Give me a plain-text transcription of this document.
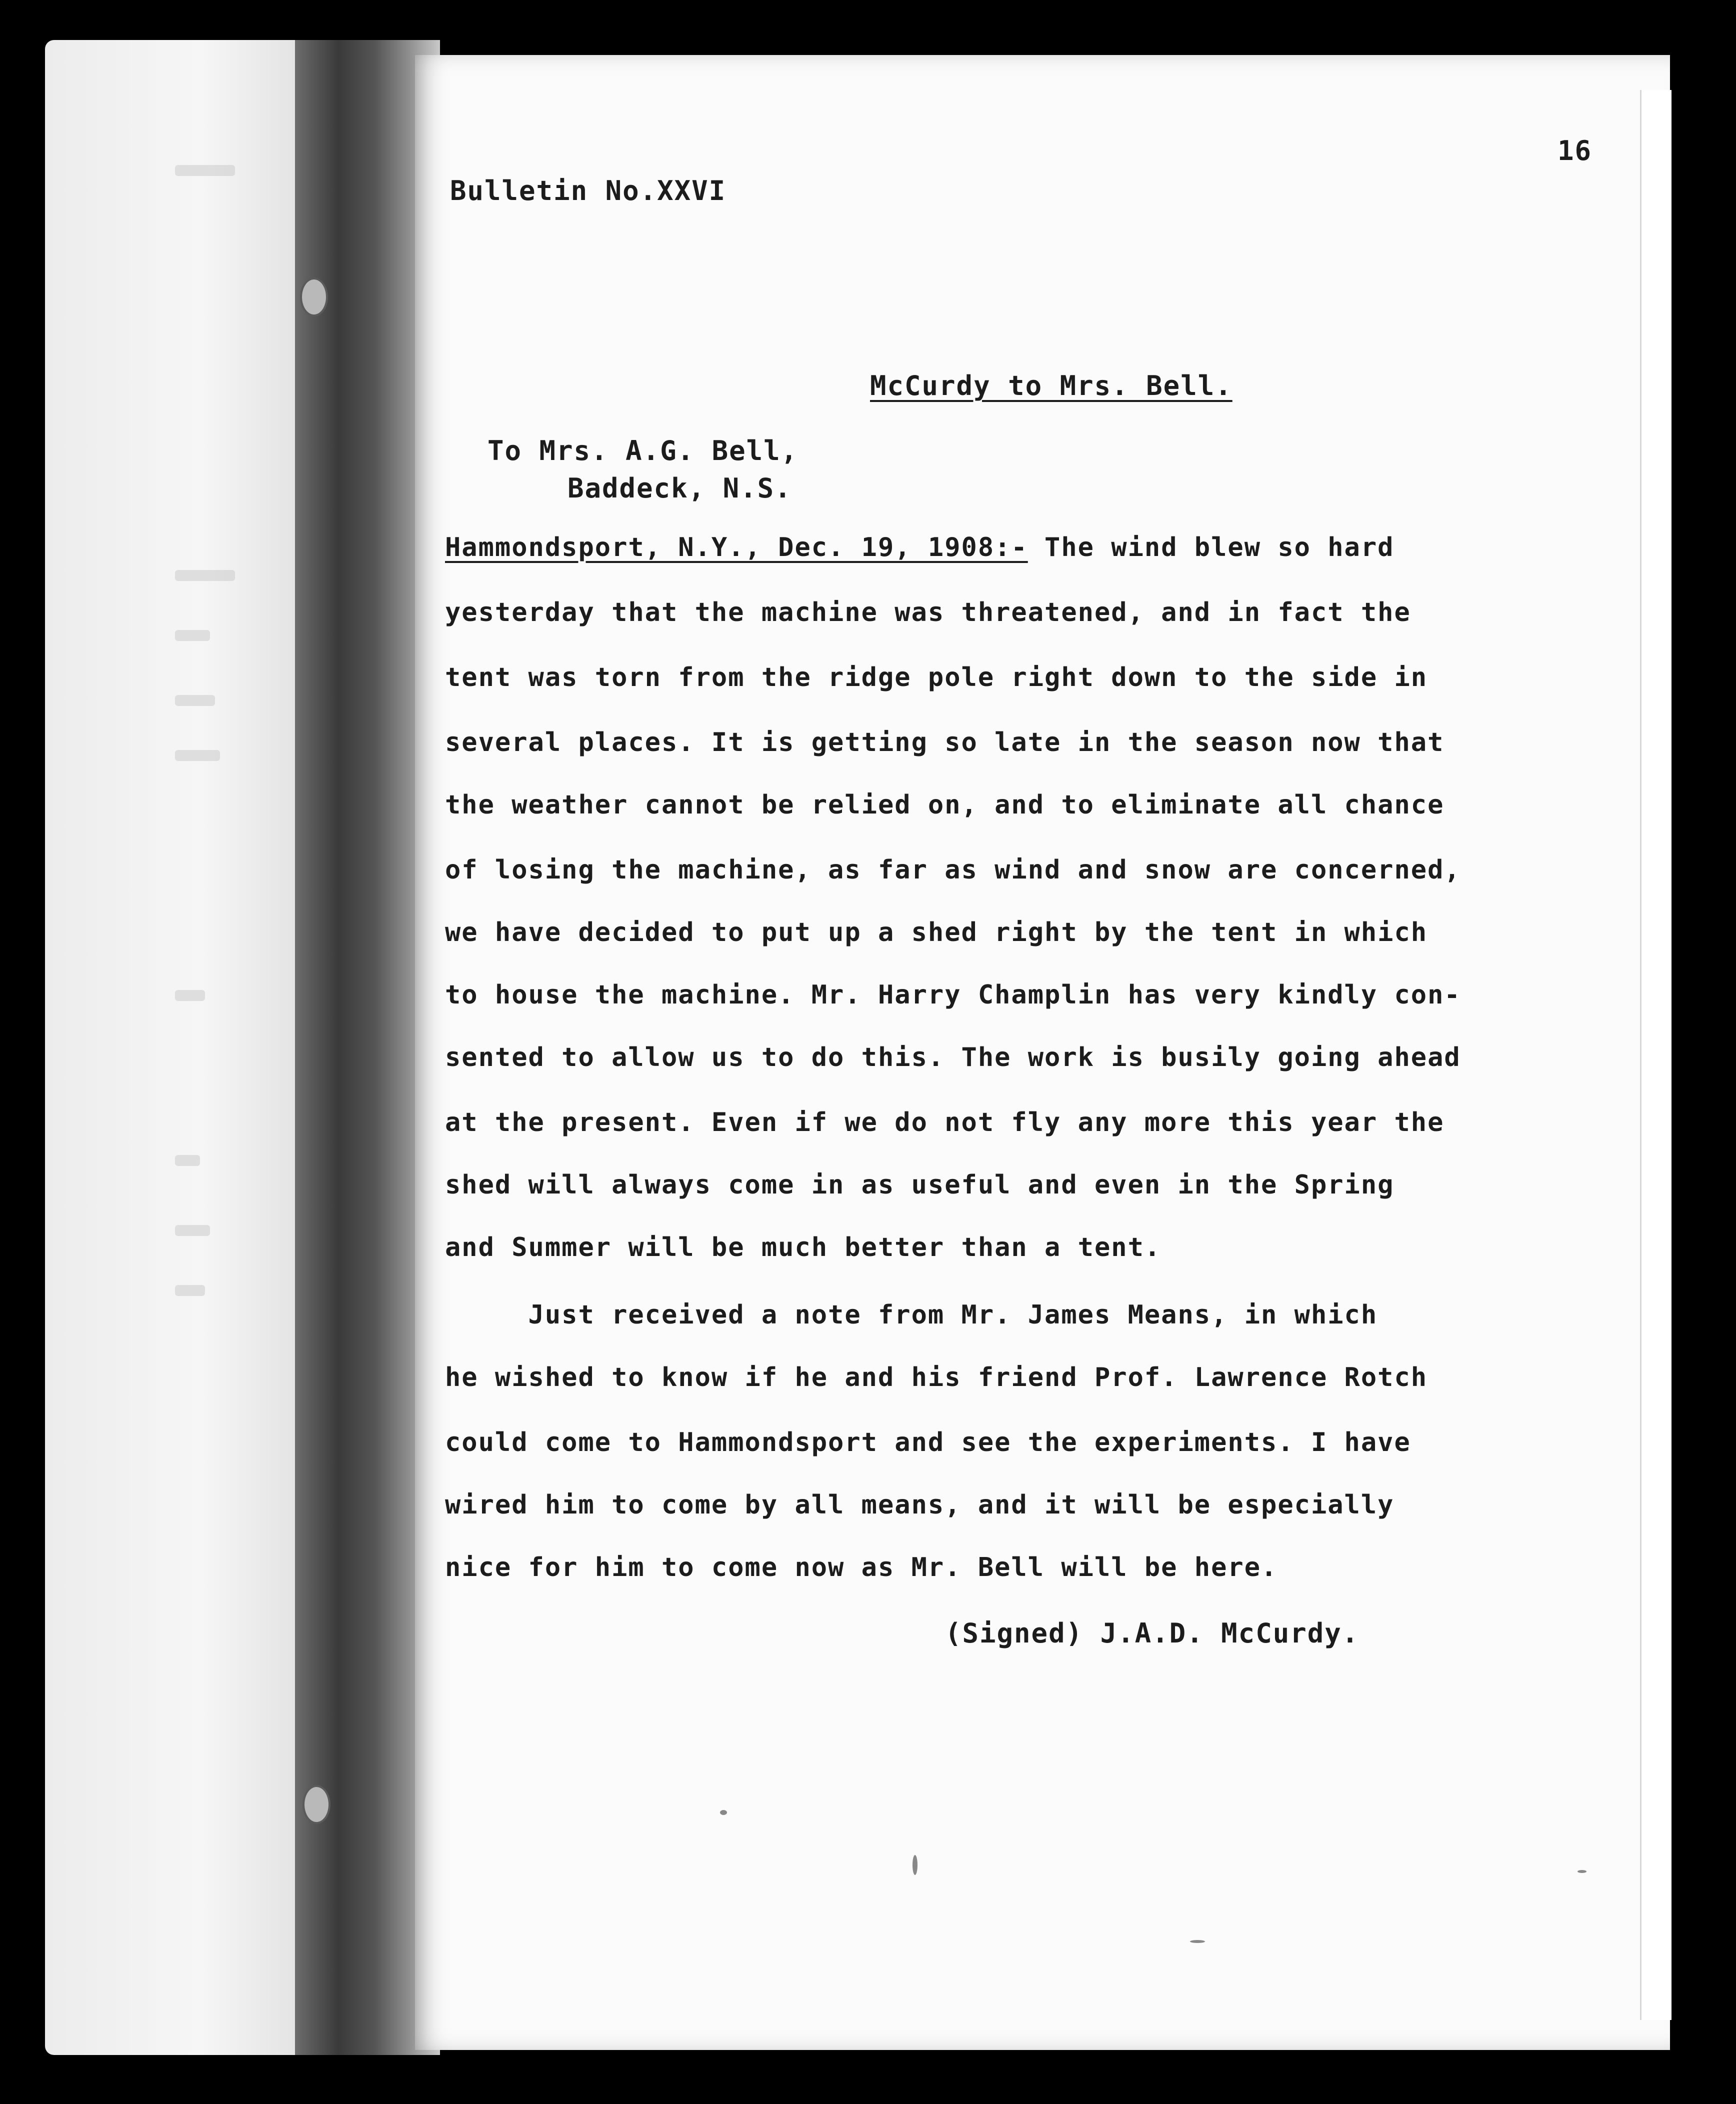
16
Bulletin No.XXVI
McCurdy to Mrs. Bell.
To Mrs. A.G. Bell,
Baddeck, N.S.
Hammondsport, N.Y., Dec. 19, 1908:- The wind blew so hard
yesterday that the machine was threatened, and in fact the
tent was torn from the ridge pole right down to the side in
several places. It is getting so late in the season now that
the weather cannot be relied on, and to eliminate all chance
of losing the machine, as far as wind and snow are concerned,
we have decided to put up a shed right by the tent in which
to house the machine. Mr. Harry Champlin has very kindly con-
sented to allow us to do this. The work is busily going ahead
at the present. Even if we do not fly any more this year the
shed will always come in as useful and even in the Spring
and Summer will be much better than a tent.
Just received a note from Mr. James Means, in which
he wished to know if he and his friend Prof. Lawrence Rotch
could come to Hammondsport and see the experiments. I have
wired him to come by all means, and it will be especially
nice for him to come now as Mr. Bell will be here.
(Signed) J.A.D. McCurdy.
